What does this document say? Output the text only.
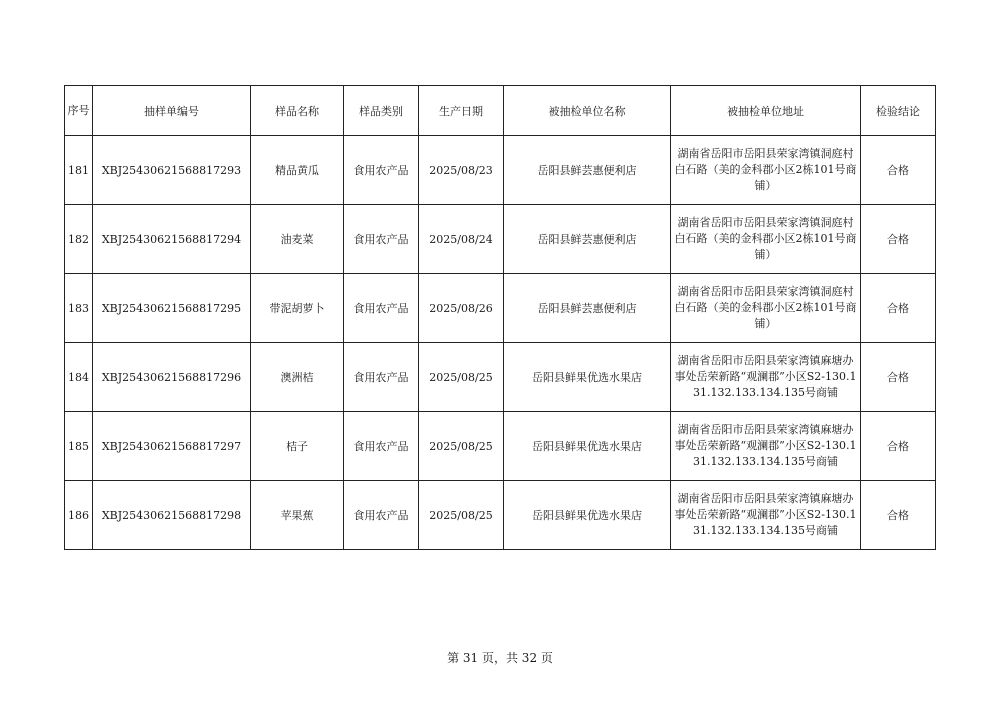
序号	抽样单编号	样品名称	样品类别	生产日期	被抽检单位名称	被抽检单位地址	检验结论
181	XBJ25430621568817293	精品黄瓜	食用农产品	2025/08/23	岳阳县鲜芸惠便利店	湖南省岳阳市岳阳县荣家湾镇洞庭村白石路（美的金科郡小区2栋101号商铺）	合格
182	XBJ25430621568817294	油麦菜	食用农产品	2025/08/24	岳阳县鲜芸惠便利店	湖南省岳阳市岳阳县荣家湾镇洞庭村白石路（美的金科郡小区2栋101号商铺）	合格
183	XBJ25430621568817295	带泥胡萝卜	食用农产品	2025/08/26	岳阳县鲜芸惠便利店	湖南省岳阳市岳阳县荣家湾镇洞庭村白石路（美的金科郡小区2栋101号商铺）	合格
184	XBJ25430621568817296	澳洲桔	食用农产品	2025/08/25	岳阳县鲜果优选水果店	湖南省岳阳市岳阳县荣家湾镇麻塘办事处岳荣新路“观澜郡”小区S2-130.131.132.133.134.135号商铺	合格
185	XBJ25430621568817297	桔子	食用农产品	2025/08/25	岳阳县鲜果优选水果店	湖南省岳阳市岳阳县荣家湾镇麻塘办事处岳荣新路“观澜郡”小区S2-130.131.132.133.134.135号商铺	合格
186	XBJ25430621568817298	苹果蕉	食用农产品	2025/08/25	岳阳县鲜果优选水果店	湖南省岳阳市岳阳县荣家湾镇麻塘办事处岳荣新路“观澜郡”小区S2-130.131.132.133.134.135号商铺	合格
第 31 页，共 32 页
